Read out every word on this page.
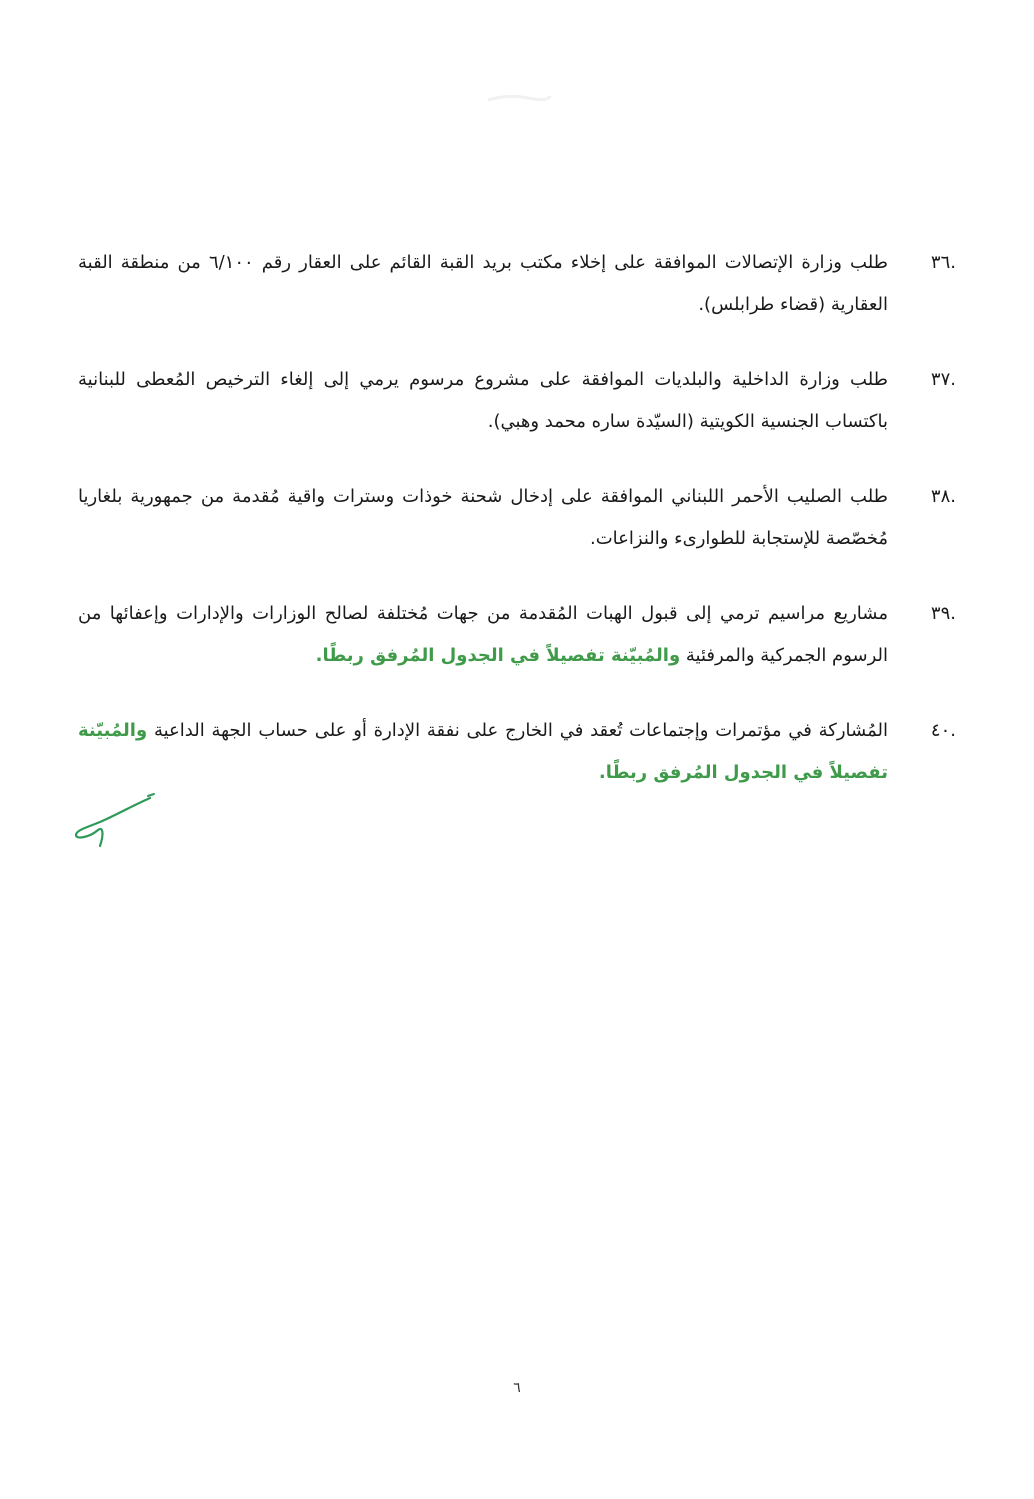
.٣٦
طلب وزارة الإتصالات الموافقة على إخلاء مكتب بريد القبة القائم على العقار رقم ٦/١٠٠ من منطقة القبة العقارية (قضاء طرابلس).
.٣٧
طلب وزارة الداخلية والبلديات الموافقة على مشروع مرسوم يرمي إلى إلغاء الترخيص المُعطى للبنانية باكتساب الجنسية الكويتية (السيّدة ساره محمد وهبي).
.٣٨
طلب الصليب الأحمر اللبناني الموافقة على إدخال شحنة خوذات وسترات واقية مُقدمة من جمهورية بلغاريا مُخصّصة للإستجابة للطوارىء والنزاعات.
.٣٩
مشاريع مراسيم ترمي إلى قبول الهبات المُقدمة من جهات مُختلفة لصالح الوزارات والإدارات وإعفائها من الرسوم الجمركية والمرفئية والمُبيّنة تفصيلاً في الجدول المُرفق ربطًا.
.٤٠
المُشاركة في مؤتمرات وإجتماعات تُعقد في الخارج على نفقة الإدارة أو على حساب الجهة الداعية والمُبيّنة تفصيلاً في الجدول المُرفق ربطًا.
٦
